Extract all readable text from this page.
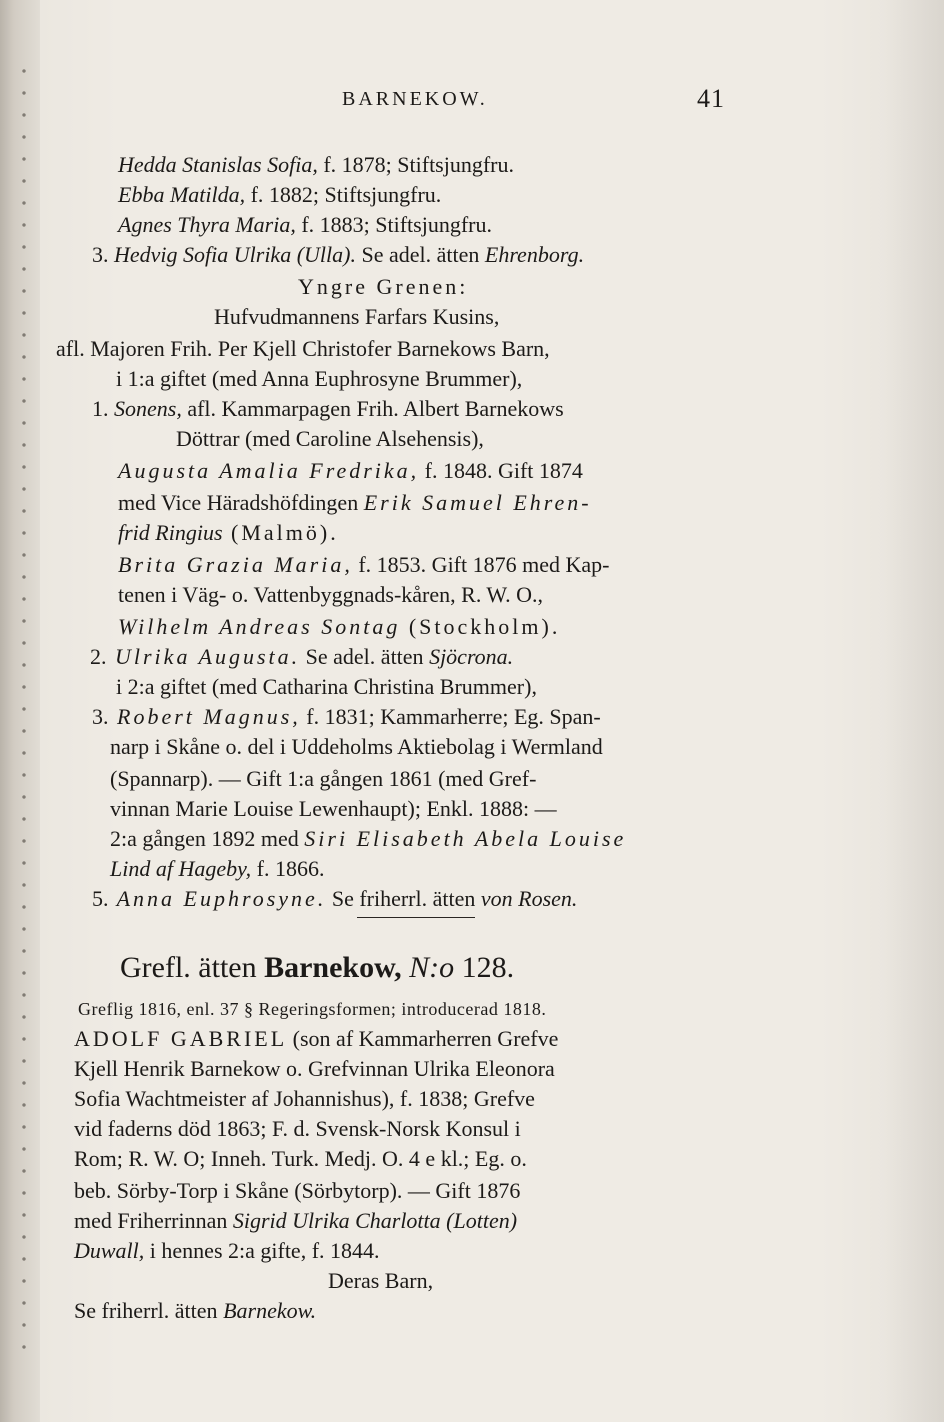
BARNEKOW.	41
Hedda Stanislas Sofia, f. 1878; Stiftsjungfru.
Ebba Matilda, f. 1882; Stiftsjungfru.
Agnes Thyra Maria, f. 1883; Stiftsjungfru.
3. Hedvig Sofia Ulrika (Ulla). Se adel. ätten Ehrenborg.
Yngre Grenen:
Hufvudmannens Farfars Kusins,
afl. Majoren Frih. Per Kjell Christofer Barnekows Barn,
i 1:a giftet (med Anna Euphrosyne Brummer),
1. Sonens, afl. Kammarpagen Frih. Albert Barnekows
Döttrar (med Caroline Alsehensis),
Augusta Amalia Fredrika, f. 1848. Gift 1874
med Vice Häradshöfdingen Erik Samuel Ehren-
frid Ringius (Malmö).
Brita Grazia Maria, f. 1853. Gift 1876 med Kap-
tenen i Väg- o. Vattenbyggnads-kåren, R. W. O.,
Wilhelm Andreas Sontag (Stockholm).
2. Ulrika Augusta. Se adel. ätten Sjöcrona.
i 2:a giftet (med Catharina Christina Brummer),
3. Robert Magnus, f. 1831; Kammarherre; Eg. Span-
narp i Skåne o. del i Uddeholms Aktiebolag i Wermland
(Spannarp). — Gift 1:a gången 1861 (med Gref-
vinnan Marie Louise Lewenhaupt); Enkl. 1888: —
2:a gången 1892 med Siri Elisabeth Abela Louise
Lind af Hageby, f. 1866.
5. Anna Euphrosyne. Se friherrl. ätten von Rosen.
Grefl. ätten Barnekow, N:o 128.
Greflig 1816, enl. 37 § Regeringsformen; introducerad 1818.
ADOLF GABRIEL (son af Kammarherren Grefve
Kjell Henrik Barnekow o. Grefvinnan Ulrika Eleonora
Sofia Wachtmeister af Johannishus), f. 1838; Grefve
vid faderns död 1863; F. d. Svensk-Norsk Konsul i
Rom; R. W. O; Inneh. Turk. Medj. O. 4 e kl.; Eg. o.
beb. Sörby-Torp i Skåne (Sörbytorp). — Gift 1876
med Friherrinnan Sigrid Ulrika Charlotta (Lotten)
Duwall, i hennes 2:a gifte, f. 1844.
Deras Barn,
Se friherrl. ätten Barnekow.
